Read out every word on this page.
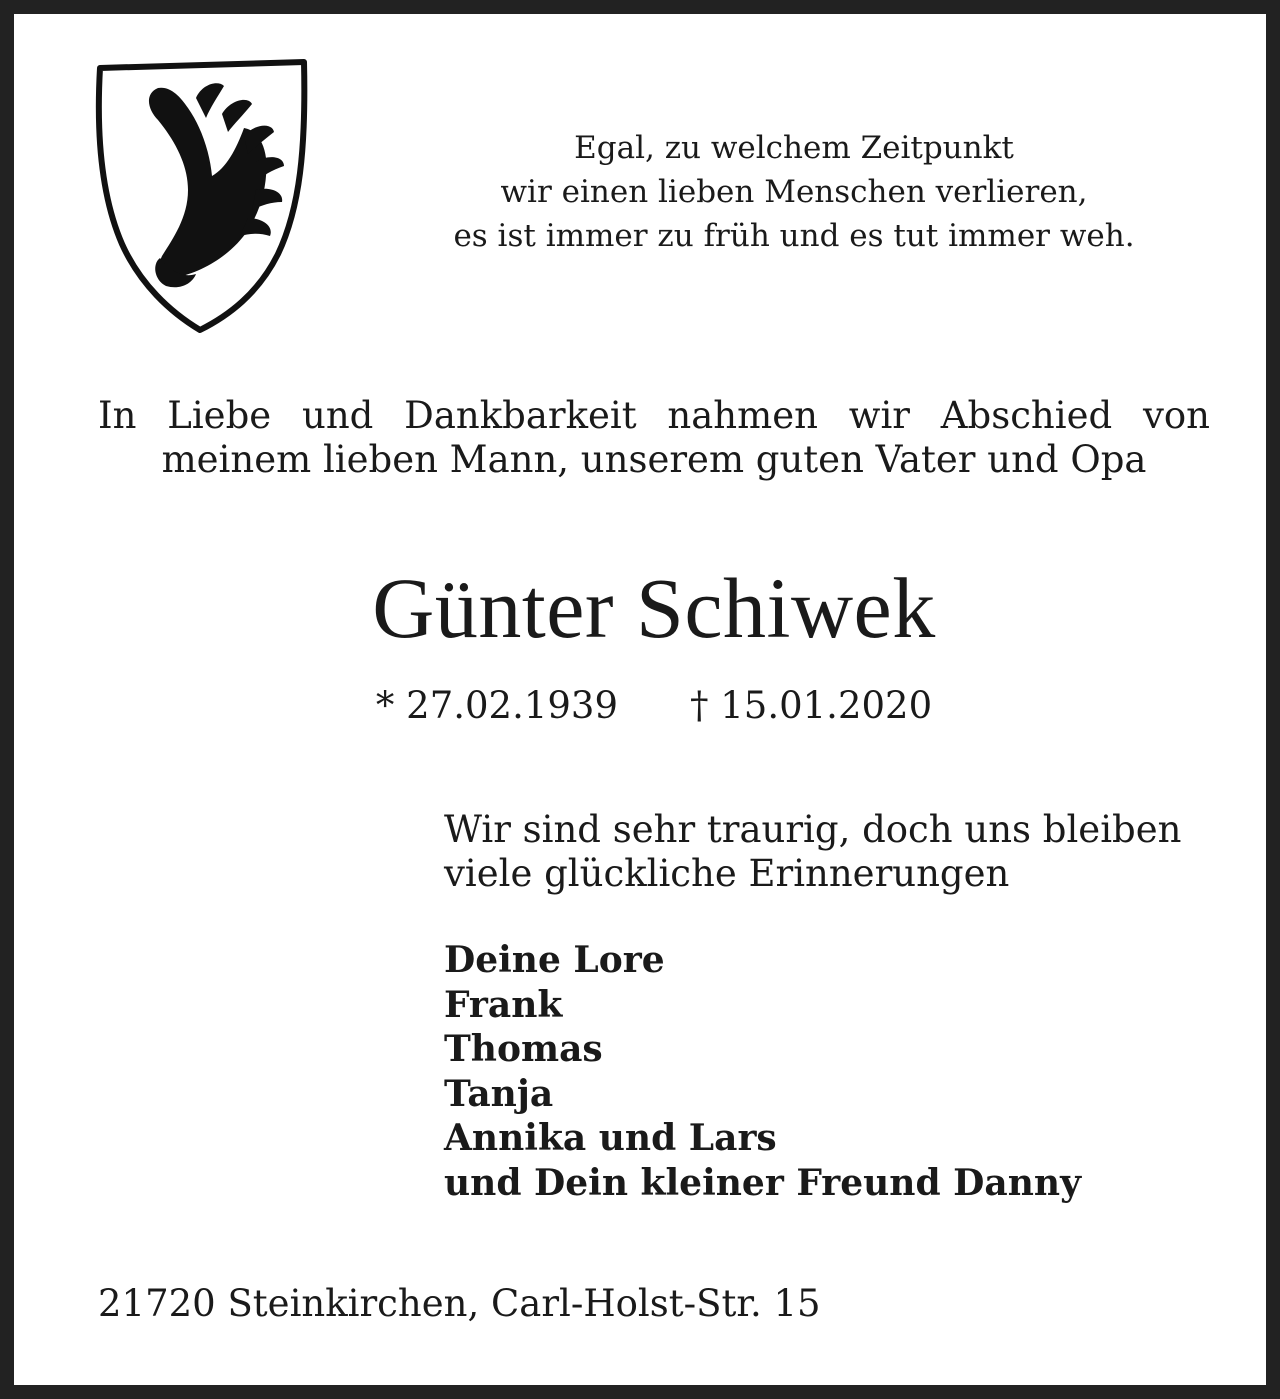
Egal, zu welchem Zeitpunkt
wir einen lieben Menschen verlieren,
es ist immer zu früh und es tut immer weh.
In Liebe und Dankbarkeit nahmen wir Abschied von
meinem lieben Mann, unserem guten Vater und Opa
Günter Schiwek
* 27.02.1939 † 15.01.2020
Wir sind sehr traurig, doch uns bleiben
viele glückliche Erinnerungen
Deine Lore
Frank
Thomas
Tanja
Annika und Lars
und Dein kleiner Freund Danny
21720 Steinkirchen, Carl-Holst-Str. 15
